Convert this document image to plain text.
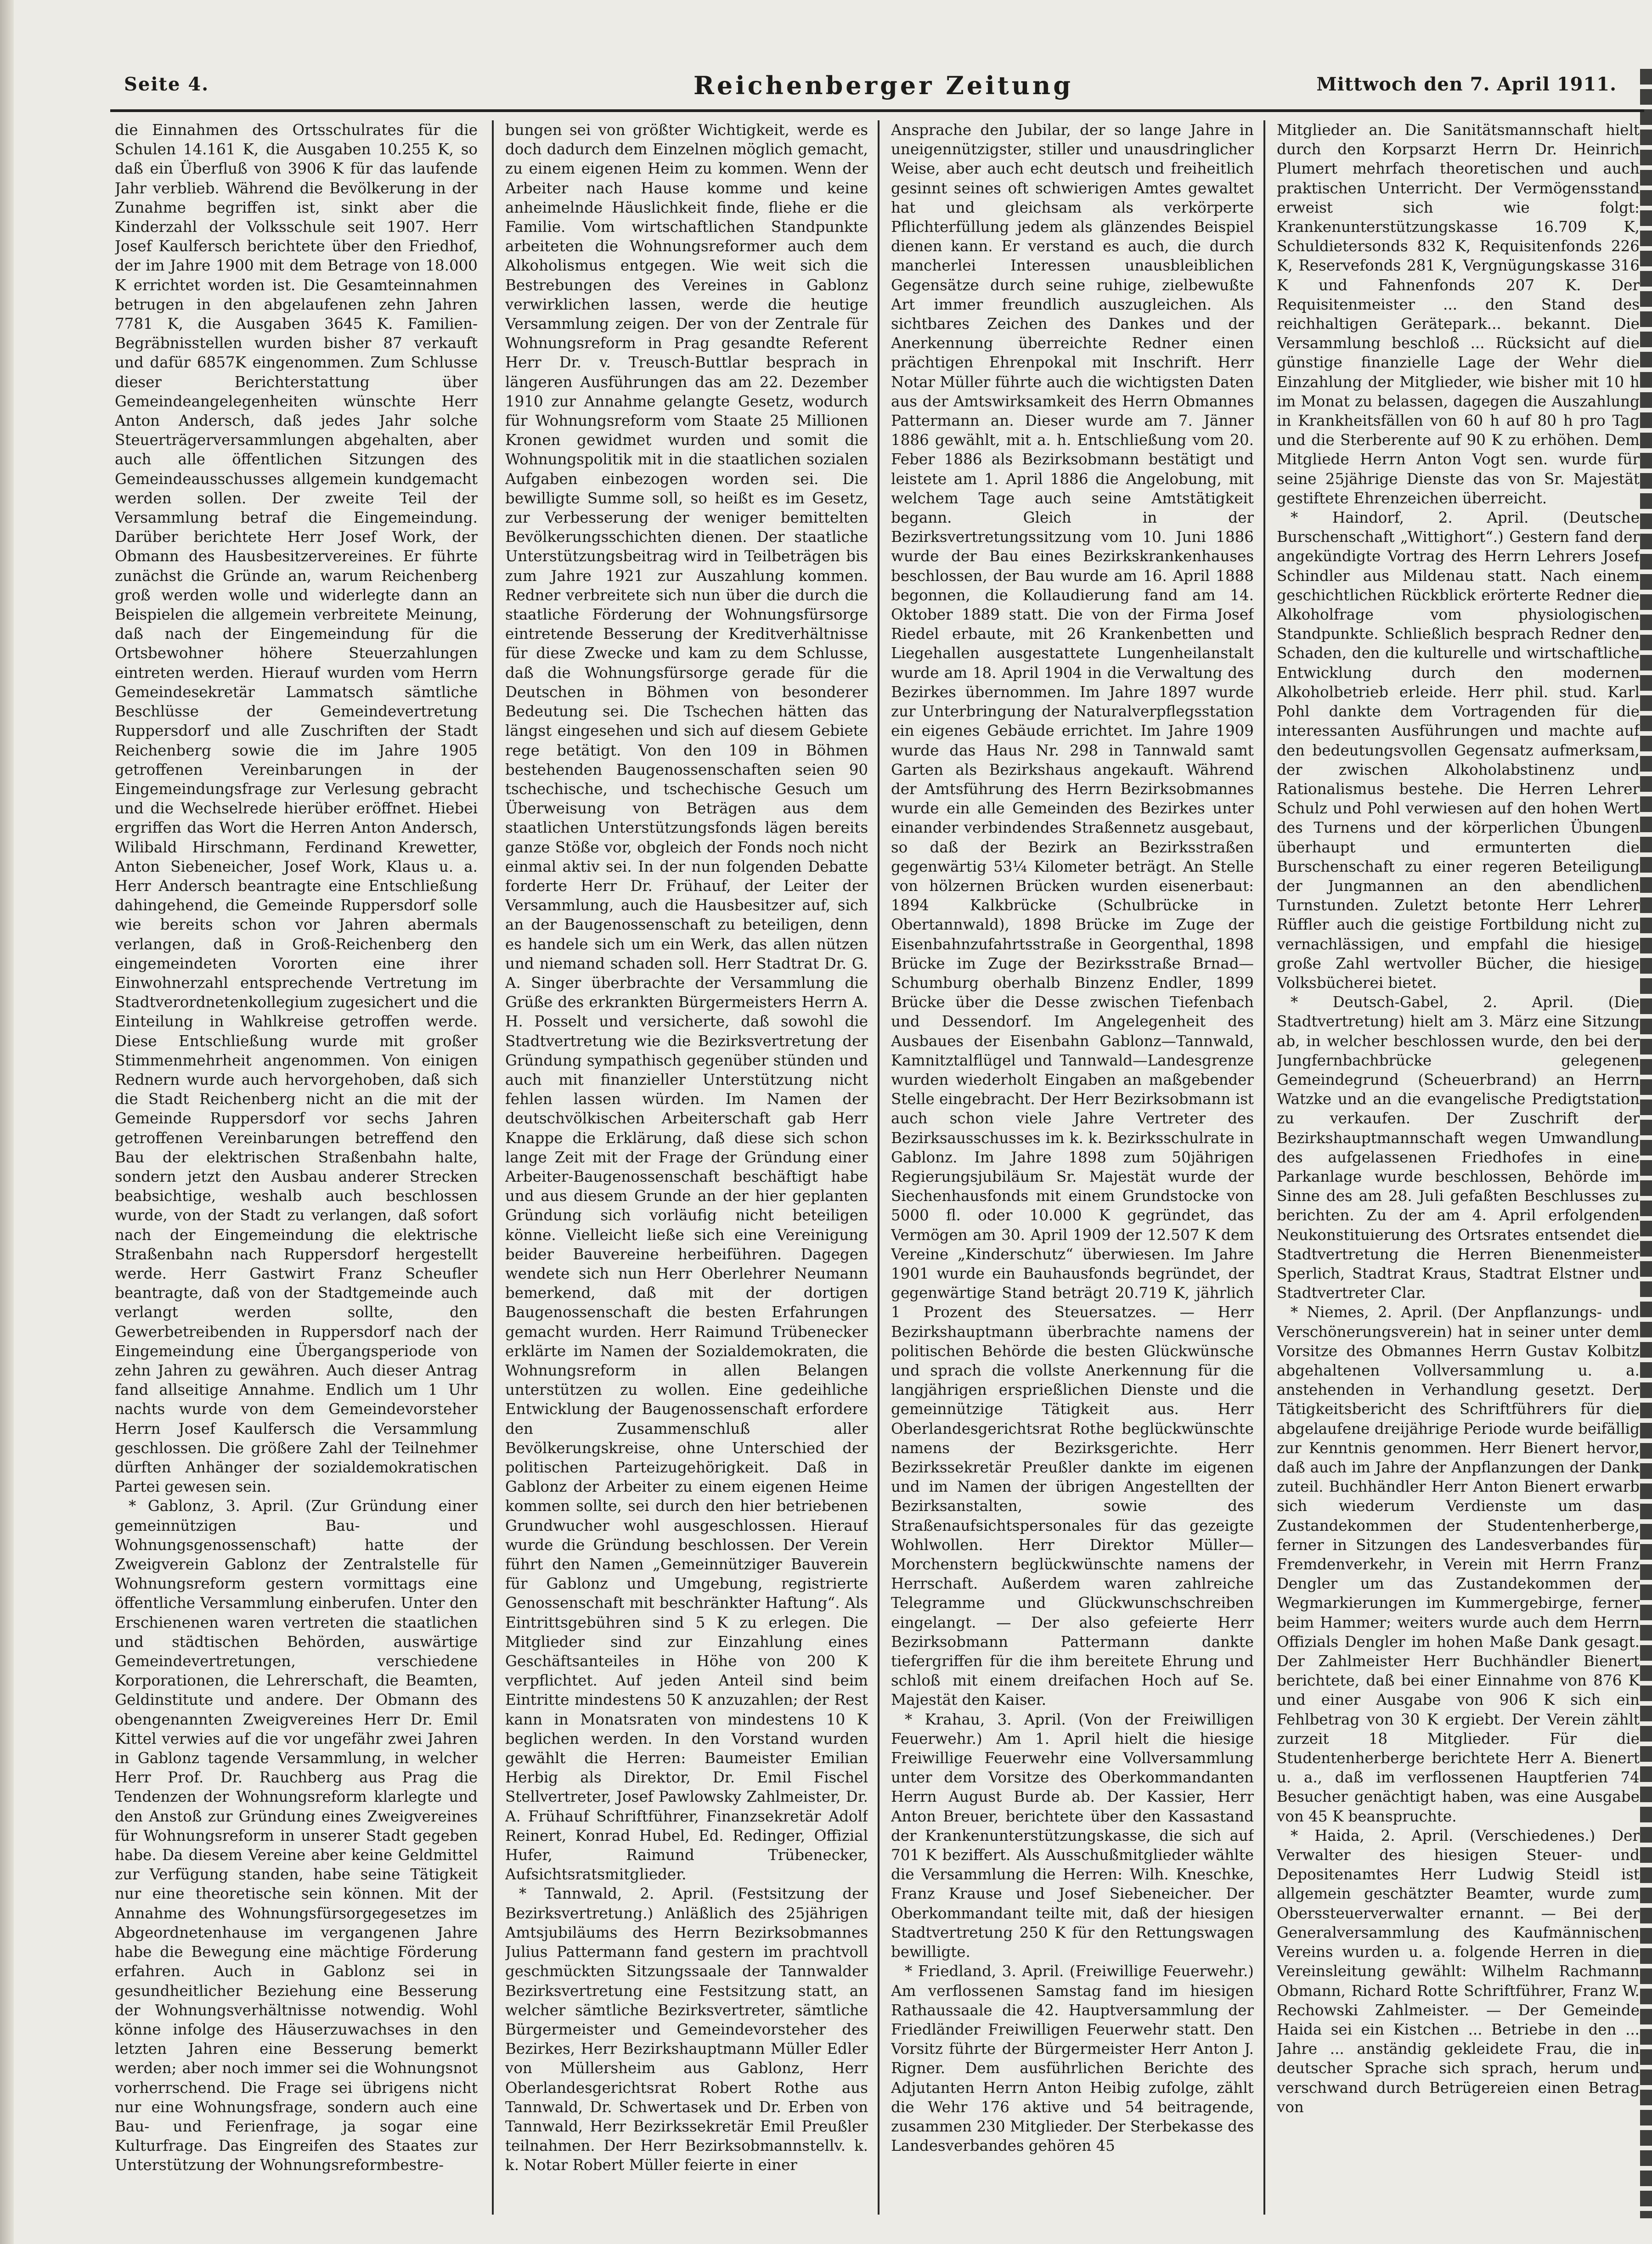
Seite 4.	Reichenberger Zeitung	Mittwoch den 7. April 1911.

die Einnahmen des Ortsschulrates für die Schulen 14.161 K, die Ausgaben 10.255 K, so daß ein Überfluß von 3906 K für das laufende Jahr verblieb. Während die Bevölkerung in der Zunahme begriffen ist, sinkt aber die Kinderzahl der Volksschule seit 1907. Herr Josef Kaulfersch berichtete über den Friedhof, der im Jahre 1900 mit dem Betrage von 18.000 K errichtet worden ist. Die Gesamteinnahmen betrugen in den abgelaufenen zehn Jahren 7781 K, die Ausgaben 3645 K. Familien-Begräbnisstellen wurden bisher 87 verkauft und dafür 6857K eingenommen. Zum Schlusse dieser Berichterstattung über Gemeindeangelegenheiten wünschte Herr Anton Andersch, daß jedes Jahr solche Steuerträgerversammlungen abgehalten, aber auch alle öffentlichen Sitzungen des Gemeindeausschusses allgemein kundgemacht werden sollen. Der zweite Teil der Versammlung betraf die Eingemeindung. Darüber berichtete Herr Josef Work, der Obmann des Hausbesitzervereines. Er führte zunächst die Gründe an, warum Reichenberg groß werden wolle und widerlegte dann an Beispielen die allgemein verbreitete Meinung, daß nach der Eingemeindung für die Ortsbewohner höhere Steuerzahlungen eintreten werden. Hierauf wurden vom Herrn Gemeindesekretär Lammatsch sämtliche Beschlüsse der Gemeindevertretung Ruppersdorf und alle Zuschriften der Stadt Reichenberg sowie die im Jahre 1905 getroffenen Vereinbarungen in der Eingemeindungsfrage zur Verlesung gebracht und die Wechselrede hierüber eröffnet. Hiebei ergriffen das Wort die Herren Anton Andersch, Wilibald Hirschmann, Ferdinand Krewetter, Anton Siebeneicher, Josef Work, Klaus u. a. Herr Andersch beantragte eine Entschließung dahingehend, die Gemeinde Ruppersdorf solle wie bereits schon vor Jahren abermals verlangen, daß in Groß-Reichenberg den eingemeindeten Vororten eine ihrer Einwohnerzahl entsprechende Vertretung im Stadtverordnetenkollegium zugesichert und die Einteilung in Wahlkreise getroffen werde. Diese Entschließung wurde mit großer Stimmenmehrheit angenommen. Von einigen Rednern wurde auch hervorgehoben, daß sich die Stadt Reichenberg nicht an die mit der Gemeinde Ruppersdorf vor sechs Jahren getroffenen Vereinbarungen betreffend den Bau der elektrischen Straßenbahn halte, sondern jetzt den Ausbau anderer Strecken beabsichtige, weshalb auch beschlossen wurde, von der Stadt zu verlangen, daß sofort nach der Eingemeindung die elektrische Straßenbahn nach Ruppersdorf hergestellt werde. Herr Gastwirt Franz Scheufler beantragte, daß von der Stadtgemeinde auch verlangt werden sollte, den Gewerbetreibenden in Ruppersdorf nach der Eingemeindung eine Übergangsperiode von zehn Jahren zu gewähren. Auch dieser Antrag fand allseitige Annahme. Endlich um 1 Uhr nachts wurde von dem Gemeindevorsteher Herrn Josef Kaulfersch die Versammlung geschlossen. Die größere Zahl der Teilnehmer dürften Anhänger der sozialdemokratischen Partei gewesen sein.

* Gablonz, 3. April. (Zur Gründung einer gemeinnützigen Bau- und Wohnungsgenossenschaft) hatte der Zweigverein Gablonz der Zentralstelle für Wohnungsreform gestern vormittags eine öffentliche Versammlung einberufen. Unter den Erschienenen waren vertreten die staatlichen und städtischen Behörden, auswärtige Gemeindevertretungen, verschiedene Korporationen, die Lehrerschaft, die Beamten, Geldinstitute und andere. Der Obmann des obengenannten Zweigvereines Herr Dr. Emil Kittel verwies auf die vor ungefähr zwei Jahren in Gablonz tagende Versammlung, in welcher Herr Prof. Dr. Rauchberg aus Prag die Tendenzen der Wohnungsreform klarlegte und den Anstoß zur Gründung eines Zweigvereines für Wohnungsreform in unserer Stadt gegeben habe. Da diesem Vereine aber keine Geldmittel zur Verfügung standen, habe seine Tätigkeit nur eine theoretische sein können. Mit der Annahme des Wohnungsfürsorgegesetzes im Abgeordnetenhause im vergangenen Jahre habe die Bewegung eine mächtige Förderung erfahren. Auch in Gablonz sei in gesundheitlicher Beziehung eine Besserung der Wohnungsverhältnisse notwendig. Wohl könne infolge des Häuserzuwachses in den letzten Jahren eine Besserung bemerkt werden; aber noch immer sei die Wohnungsnot vorherrschend. Die Frage sei übrigens nicht nur eine Wohnungsfrage, sondern auch eine Bau- und Ferienfrage, ja sogar eine Kulturfrage. Das Eingreifen des Staates zur Unterstützung der Wohnungsreformbestre-

bungen sei von größter Wichtigkeit, werde es doch dadurch dem Einzelnen möglich gemacht, zu einem eigenen Heim zu kommen. Wenn der Arbeiter nach Hause komme und keine anheimelnde Häuslichkeit finde, fliehe er die Familie. Vom wirtschaftlichen Standpunkte arbeiteten die Wohnungsreformer auch dem Alkoholismus entgegen. Wie weit sich die Bestrebungen des Vereines in Gablonz verwirklichen lassen, werde die heutige Versammlung zeigen. Der von der Zentrale für Wohnungsreform in Prag gesandte Referent Herr Dr. v. Treusch-Buttlar besprach in längeren Ausführungen das am 22. Dezember 1910 zur Annahme gelangte Gesetz, wodurch für Wohnungsreform vom Staate 25 Millionen Kronen gewidmet wurden und somit die Wohnungspolitik mit in die staatlichen sozialen Aufgaben einbezogen worden sei. Die bewilligte Summe soll, so heißt es im Gesetz, zur Verbesserung der weniger bemittelten Bevölkerungsschichten dienen. Der staatliche Unterstützungsbeitrag wird in Teilbeträgen bis zum Jahre 1921 zur Auszahlung kommen. Redner verbreitete sich nun über die durch die staatliche Förderung der Wohnungsfürsorge eintretende Besserung der Kreditverhältnisse für diese Zwecke und kam zu dem Schlusse, daß die Wohnungsfürsorge gerade für die Deutschen in Böhmen von besonderer Bedeutung sei. Die Tschechen hätten das längst eingesehen und sich auf diesem Gebiete rege betätigt. Von den 109 in Böhmen bestehenden Baugenossenschaften seien 90 tschechische, und tschechische Gesuch um Überweisung von Beträgen aus dem staatlichen Unterstützungsfonds lägen bereits ganze Stöße vor, obgleich der Fonds noch nicht einmal aktiv sei. In der nun folgenden Debatte forderte Herr Dr. Frühauf, der Leiter der Versammlung, auch die Hausbesitzer auf, sich an der Baugenossenschaft zu beteiligen, denn es handele sich um ein Werk, das allen nützen und niemand schaden soll. Herr Stadtrat Dr. G. A. Singer überbrachte der Versammlung die Grüße des erkrankten Bürgermeisters Herrn A. H. Posselt und versicherte, daß sowohl die Stadtvertretung wie die Bezirksvertretung der Gründung sympathisch gegenüber stünden und auch mit finanzieller Unterstützung nicht fehlen lassen würden. Im Namen der deutschvölkischen Arbeiterschaft gab Herr Knappe die Erklärung, daß diese sich schon lange Zeit mit der Frage der Gründung einer Arbeiter-Baugenossenschaft beschäftigt habe und aus diesem Grunde an der hier geplanten Gründung sich vorläufig nicht beteiligen könne. Vielleicht ließe sich eine Vereinigung beider Bauvereine herbeiführen. Dagegen wendete sich nun Herr Oberlehrer Neumann bemerkend, daß mit der dortigen Baugenossenschaft die besten Erfahrungen gemacht wurden. Herr Raimund Trübenecker erklärte im Namen der Sozialdemokraten, die Wohnungsreform in allen Belangen unterstützen zu wollen. Eine gedeihliche Entwicklung der Baugenossenschaft erfordere den Zusammenschluß aller Bevölkerungskreise, ohne Unterschied der politischen Parteizugehörigkeit. Daß in Gablonz der Arbeiter zu einem eigenen Heime kommen sollte, sei durch den hier betriebenen Grundwucher wohl ausgeschlossen. Hierauf wurde die Gründung beschlossen. Der Verein führt den Namen „Gemeinnütziger Bauverein für Gablonz und Umgebung, registrierte Genossenschaft mit beschränkter Haftung“. Als Eintrittsgebühren sind 5 K zu erlegen. Die Mitglieder sind zur Einzahlung eines Geschäftsanteiles in Höhe von 200 K verpflichtet. Auf jeden Anteil sind beim Eintritte mindestens 50 K anzuzahlen; der Rest kann in Monatsraten von mindestens 10 K beglichen werden. In den Vorstand wurden gewählt die Herren: Baumeister Emilian Herbig als Direktor, Dr. Emil Fischel Stellvertreter, Josef Pawlowsky Zahlmeister, Dr. A. Frühauf Schriftführer, Finanzsekretär Adolf Reinert, Konrad Hubel, Ed. Redinger, Offizial Hufer, Raimund Trübenecker, Aufsichtsratsmitglieder.

* Tannwald, 2. April. (Festsitzung der Bezirksvertretung.) Anläßlich des 25jährigen Amtsjubiläums des Herrn Bezirksobmannes Julius Pattermann fand gestern im prachtvoll geschmückten Sitzungssaale der Tannwalder Bezirksvertretung eine Festsitzung statt, an welcher sämtliche Bezirksvertreter, sämtliche Bürgermeister und Gemeindevorsteher des Bezirkes, Herr Bezirkshauptmann Müller Edler von Müllersheim aus Gablonz, Herr Oberlandesgerichtsrat Robert Rothe aus Tannwald, Dr. Schwertasek und Dr. Erben von Tannwald, Herr Bezirkssekretär Emil Preußler teilnahmen. Der Herr Bezirksobmannstellv. k. k. Notar Robert Müller feierte in einer

Ansprache den Jubilar, der so lange Jahre in uneigennützigster, stiller und unausdringlicher Weise, aber auch echt deutsch und freiheitlich gesinnt seines oft schwierigen Amtes gewaltet hat und gleichsam als verkörperte Pflichterfüllung jedem als glänzendes Beispiel dienen kann. Er verstand es auch, die durch mancherlei Interessen unausbleiblichen Gegensätze durch seine ruhige, zielbewußte Art immer freundlich auszugleichen. Als sichtbares Zeichen des Dankes und der Anerkennung überreichte Redner einen prächtigen Ehrenpokal mit Inschrift. Herr Notar Müller führte auch die wichtigsten Daten aus der Amtswirksamkeit des Herrn Obmannes Pattermann an. Dieser wurde am 7. Jänner 1886 gewählt, mit a. h. Entschließung vom 20. Feber 1886 als Bezirksobmann bestätigt und leistete am 1. April 1886 die Angelobung, mit welchem Tage auch seine Amtstätigkeit begann. Gleich in der Bezirksvertretungssitzung vom 10. Juni 1886 wurde der Bau eines Bezirkskrankenhauses beschlossen, der Bau wurde am 16. April 1888 begonnen, die Kollaudierung fand am 14. Oktober 1889 statt. Die von der Firma Josef Riedel erbaute, mit 26 Krankenbetten und Liegehallen ausgestattete Lungenheilanstalt wurde am 18. April 1904 in die Verwaltung des Bezirkes übernommen. Im Jahre 1897 wurde zur Unterbringung der Naturalverpflegsstation ein eigenes Gebäude errichtet. Im Jahre 1909 wurde das Haus Nr. 298 in Tannwald samt Garten als Bezirkshaus angekauft. Während der Amtsführung des Herrn Bezirksobmannes wurde ein alle Gemeinden des Bezirkes unter einander verbindendes Straßennetz ausgebaut, so daß der Bezirk an Bezirksstraßen gegenwärtig 53¼ Kilometer beträgt. An Stelle von hölzernen Brücken wurden eisenerbaut: 1894 Kalkbrücke (Schulbrücke in Obertannwald), 1898 Brücke im Zuge der Eisenbahnzufahrtsstraße in Georgenthal, 1898 Brücke im Zuge der Bezirksstraße Brnad—Schumburg oberhalb Binzenz Endler, 1899 Brücke über die Desse zwischen Tiefenbach und Dessendorf. Im Angelegenheit des Ausbaues der Eisenbahn Gablonz—Tannwald, Kamnitztalflügel und Tannwald—Landesgrenze wurden wiederholt Eingaben an maßgebender Stelle eingebracht. Der Herr Bezirksobmann ist auch schon viele Jahre Vertreter des Bezirksausschusses im k. k. Bezirksschulrate in Gablonz. Im Jahre 1898 zum 50jährigen Regierungsjubiläum Sr. Majestät wurde der Siechenhausfonds mit einem Grundstocke von 5000 fl. oder 10.000 K gegründet, das Vermögen am 30. April 1909 der 12.507 K dem Vereine „Kinderschutz“ überwiesen. Im Jahre 1901 wurde ein Bauhausfonds begründet, der gegenwärtige Stand beträgt 20.719 K, jährlich 1 Prozent des Steuersatzes. — Herr Bezirkshauptmann überbrachte namens der politischen Behörde die besten Glückwünsche und sprach die vollste Anerkennung für die langjährigen ersprießlichen Dienste und die gemeinnützige Tätigkeit aus. Herr Oberlandesgerichtsrat Rothe beglückwünschte namens der Bezirksgerichte. Herr Bezirkssekretär Preußler dankte im eigenen und im Namen der übrigen Angestellten der Bezirksanstalten, sowie des Straßenaufsichtspersonales für das gezeigte Wohlwollen. Herr Direktor Müller—Morchenstern beglückwünschte namens der Herrschaft. Außerdem waren zahlreiche Telegramme und Glückwunschschreiben eingelangt. — Der also gefeierte Herr Bezirksobmann Pattermann dankte tiefergriffen für die ihm bereitete Ehrung und schloß mit einem dreifachen Hoch auf Se. Majestät den Kaiser.

* Krahau, 3. April. (Von der Freiwilligen Feuerwehr.) Am 1. April hielt die hiesige Freiwillige Feuerwehr eine Vollversammlung unter dem Vorsitze des Oberkommandanten Herrn August Burde ab. Der Kassier, Herr Anton Breuer, berichtete über den Kassastand der Krankenunterstützungskasse, die sich auf 701 K beziffert. Als Ausschußmitglieder wählte die Versammlung die Herren: Wilh. Kneschke, Franz Krause und Josef Siebeneicher. Der Oberkommandant teilte mit, daß der hiesigen Stadtvertretung 250 K für den Rettungswagen bewilligte.

* Friedland, 3. April. (Freiwillige Feuerwehr.) Am verflossenen Samstag fand im hiesigen Rathaussaale die 42. Hauptversammlung der Friedländer Freiwilligen Feuerwehr statt. Den Vorsitz führte der Bürgermeister Herr Anton J. Rigner. Dem ausführlichen Berichte des Adjutanten Herrn Anton Heibig zufolge, zählt die Wehr 176 aktive und 54 beitragende, zusammen 230 Mitglieder. Der Sterbekasse des Landesverbandes gehören 45

Mitglieder an. Die Sanitätsmannschaft hielt durch den Korpsarzt Herrn Dr. Heinrich Plumert mehrfach theoretischen und auch praktischen Unterricht. Der Vermögensstand erweist sich wie folgt: Krankenunterstützungskasse 16.709 K, Schuldietersonds 832 K, Requisitenfonds 226 K, Reservefonds 281 K, Vergnügungskasse 316 K und Fahnenfonds 207 K. Der Requisitenmeister ... den Stand des reichhaltigen Gerätepark... bekannt. Die Versammlung beschloß ... Rücksicht auf die günstige finanzielle Lage der Wehr die Einzahlung der Mitglieder, wie bisher mit 10 h im Monat zu belassen, dagegen die Auszahlung in Krankheitsfällen von 60 h auf 80 h pro Tag und die Sterberente auf 90 K zu erhöhen. Dem Mitgliede Herrn Anton Vogt sen. wurde für seine 25jährige Dienste das von Sr. Majestät gestiftete Ehrenzeichen überreicht.

* Haindorf, 2. April. (Deutsche Burschenschaft „Wittighort“.) Gestern fand der angekündigte Vortrag des Herrn Lehrers Josef Schindler aus Mildenau statt. Nach einem geschichtlichen Rückblick erörterte Redner die Alkoholfrage vom physiologischen Standpunkte. Schließlich besprach Redner den Schaden, den die kulturelle und wirtschaftliche Entwicklung durch den modernen Alkoholbetrieb erleide. Herr phil. stud. Karl Pohl dankte dem Vortragenden für die interessanten Ausführungen und machte auf den bedeutungsvollen Gegensatz aufmerksam, der zwischen Alkoholabstinenz und Rationalismus bestehe. Die Herren Lehrer Schulz und Pohl verwiesen auf den hohen Wert des Turnens und der körperlichen Übungen überhaupt und ermunterten die Burschenschaft zu einer regeren Beteiligung der Jungmannen an den abendlichen Turnstunden. Zuletzt betonte Herr Lehrer Rüffler auch die geistige Fortbildung nicht zu vernachlässigen, und empfahl die hiesige große Zahl wertvoller Bücher, die hiesige Volksbücherei bietet.

* Deutsch-Gabel, 2. April. (Die Stadtvertretung) hielt am 3. März eine Sitzung ab, in welcher beschlossen wurde, den bei der Jungfernbachbrücke gelegenen Gemeindegrund (Scheuerbrand) an Herrn Watzke und an die evangelische Predigtstation zu verkaufen. Der Zuschrift der Bezirkshauptmannschaft wegen Umwandlung des aufgelassenen Friedhofes in eine Parkanlage wurde beschlossen, Behörde im Sinne des am 28. Juli gefaßten Beschlusses zu berichten. Zu der am 4. April erfolgenden Neukonstituierung des Ortsrates entsendet die Stadtvertretung die Herren Bienenmeister Sperlich, Stadtrat Kraus, Stadtrat Elstner und Stadtvertreter Clar.

* Niemes, 2. April. (Der Anpflanzungs- und Verschönerungsverein) hat in seiner unter dem Vorsitze des Obmannes Herrn Gustav Kolbitz abgehaltenen Vollversammlung u. a. anstehenden in Verhandlung gesetzt. Der Tätigkeitsbericht des Schriftführers für die abgelaufene dreijährige Periode wurde beifällig zur Kenntnis genommen. Herr Bienert hervor, daß auch im Jahre der Anpflanzungen der Dank zuteil. Buchhändler Herr Anton Bienert erwarb sich wiederum Verdienste um das Zustandekommen der Studentenherberge, ferner in Sitzungen des Landesverbandes für Fremdenverkehr, in Verein mit Herrn Franz Dengler um das Zustandekommen der Wegmarkierungen im Kummergebirge, ferner beim Hammer; weiters wurde auch dem Herrn Offizials Dengler im hohen Maße Dank gesagt. Der Zahlmeister Herr Buchhändler Bienert berichtete, daß bei einer Einnahme von 876 K und einer Ausgabe von 906 K sich ein Fehlbetrag von 30 K ergiebt. Der Verein zählt zurzeit 18 Mitglieder. Für die Studentenherberge berichtete Herr A. Bienert u. a., daß im verflossenen Hauptferien 74 Besucher genächtigt haben, was eine Ausgabe von 45 K beanspruchte.

* Haida, 2. April. (Verschiedenes.) Der Verwalter des hiesigen Steuer- und Depositenamtes Herr Ludwig Steidl ist allgemein geschätzter Beamter, wurde zum Oberssteuerverwalter ernannt. — Bei der Generalversammlung des Kaufmännischen Vereins wurden u. a. folgende Herren in die Vereinsleitung gewählt: Wilhelm Rachmann Obmann, Richard Rotte Schriftführer, Franz W. Rechowski Zahlmeister. — Der Gemeinde Haida sei ein Kistchen ... Betriebe in den ... Jahre ... anständig gekleidete Frau, die in deutscher Sprache sich sprach, herum und verschwand durch Betrügereien einen Betrag von
